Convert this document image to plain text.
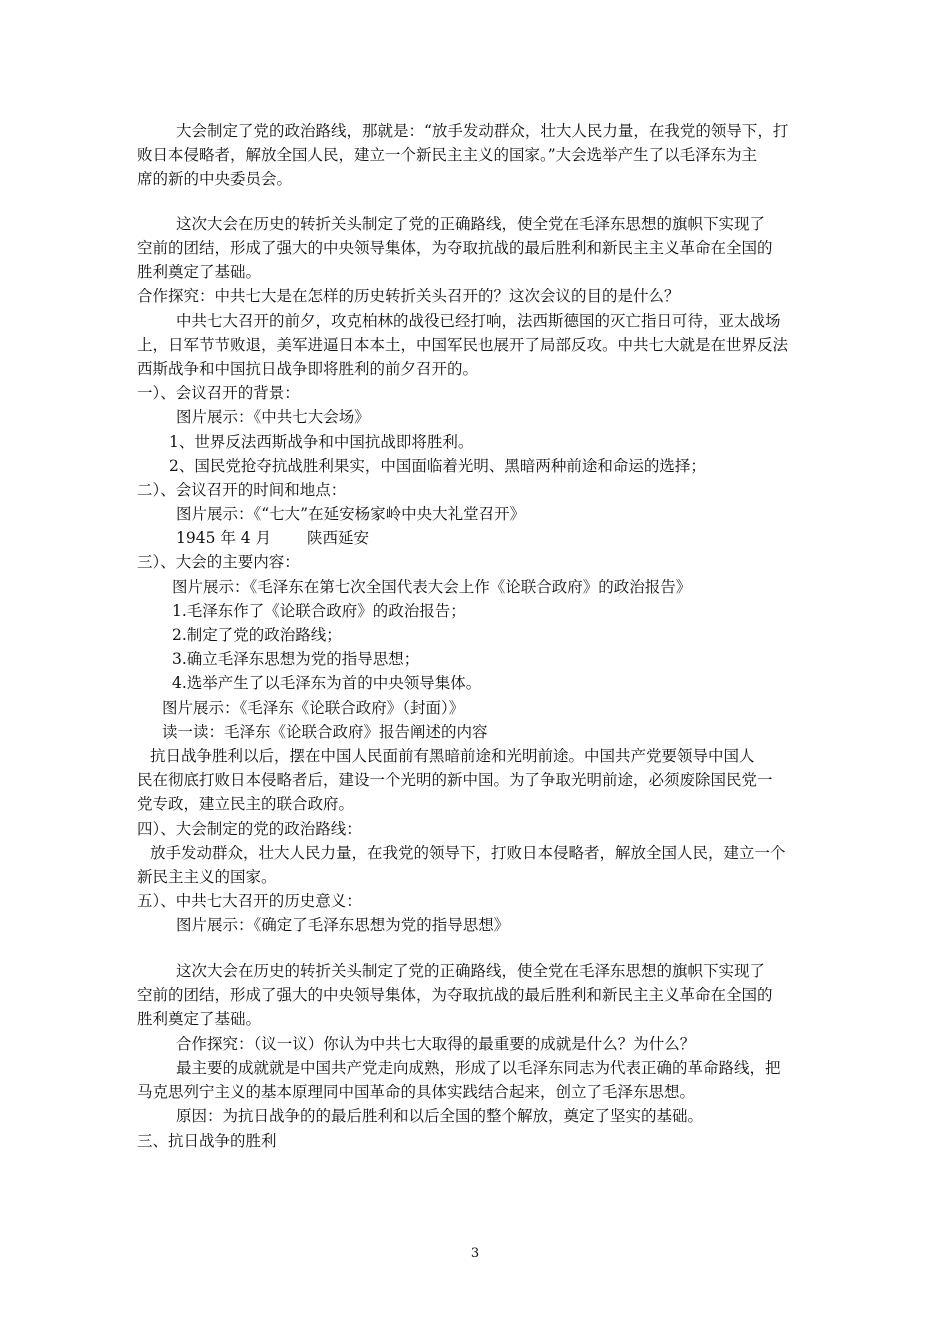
大会制定了党的政治路线，那就是：“放手发动群众，壮大人民力量，在我党的领导下，打
败日本侵略者，解放全国人民，建立一个新民主主义的国家。”大会选举产生了以毛泽东为主
席的新的中央委员会。
这次大会在历史的转折关头制定了党的正确路线，使全党在毛泽东思想的旗帜下实现了
空前的团结，形成了强大的中央领导集体，为夺取抗战的最后胜利和新民主主义革命在全国的
胜利奠定了基础。
合作探究：中共七大是在怎样的历史转折关头召开的？这次会议的目的是什么？
中共七大召开的前夕，攻克柏林的战役已经打响，法西斯德国的灭亡指日可待，亚太战场
上，日军节节败退，美军进逼日本本土，中国军民也展开了局部反攻。中共七大就是在世界反法
西斯战争和中国抗日战争即将胜利的前夕召开的。
一）、会议召开的背景：
图片展示：《中共七大会场》
1、世界反法西斯战争和中国抗战即将胜利。
2、国民党抢夺抗战胜利果实，中国面临着光明、黑暗两种前途和命运的选择；
二）、会议召开的时间和地点：
图片展示：《“七大”在延安杨家岭中央大礼堂召开》
1945 年 4 月　　 陕西延安
三）、大会的主要内容：
图片展示：《毛泽东在第七次全国代表大会上作《论联合政府》的政治报告》
1.毛泽东作了《论联合政府》的政治报告；
2.制定了党的政治路线；
3.确立毛泽东思想为党的指导思想；
4.选举产生了以毛泽东为首的中央领导集体。
图片展示：《毛泽东《论联合政府》（封面）》
读一读：毛泽东《论联合政府》报告阐述的内容
抗日战争胜利以后，摆在中国人民面前有黑暗前途和光明前途。中国共产党要领导中国人
民在彻底打败日本侵略者后，建设一个光明的新中国。为了争取光明前途，必须废除国民党一
党专政，建立民主的联合政府。
四）、大会制定的党的政治路线：
放手发动群众，壮大人民力量，在我党的领导下，打败日本侵略者，解放全国人民，建立一个
新民主主义的国家。
五）、中共七大召开的历史意义：
图片展示：《确定了毛泽东思想为党的指导思想》
这次大会在历史的转折关头制定了党的正确路线，使全党在毛泽东思想的旗帜下实现了
空前的团结，形成了强大的中央领导集体，为夺取抗战的最后胜利和新民主主义革命在全国的
胜利奠定了基础。
合作探究：（议一议）你认为中共七大取得的最重要的成就是什么？为什么？
最主要的成就就是中国共产党走向成熟，形成了以毛泽东同志为代表正确的革命路线，把
马克思列宁主义的基本原理同中国革命的具体实践结合起来，创立了毛泽东思想。
原因：为抗日战争的的最后胜利和以后全国的整个解放，奠定了坚实的基础。
三、抗日战争的胜利
3
